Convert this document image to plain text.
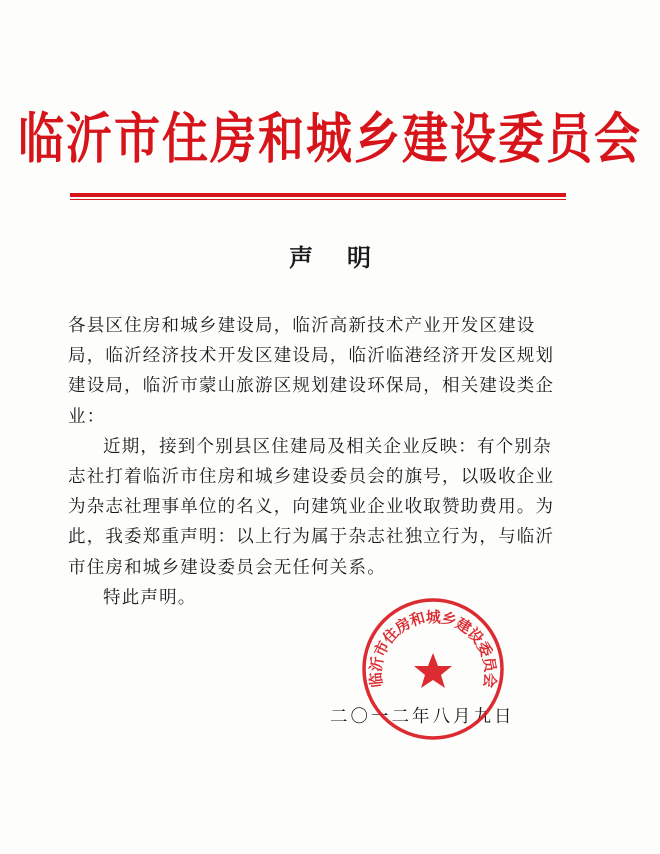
临沂市住房和城乡建设委员会
声明

各县区住房和城乡建设局，临沂高新技术产业开发区建设局，临沂经济技术开发区建设局，临沂临港经济开发区规划建设局，临沂市蒙山旅游区规划建设环保局，相关建设类企业：

近期，接到个别县区住建局及相关企业反映：有个别杂志社打着临沂市住房和城乡建设委员会的旗号，以吸收企业为杂志社理事单位的名义，向建筑业企业收取赞助费用。为此，我委郑重声明：以上行为属于杂志社独立行为，与临沂市住房和城乡建设委员会无任何关系。

特此声明。

二〇一二年八月九日
临沂市住房和城乡建设委员会
